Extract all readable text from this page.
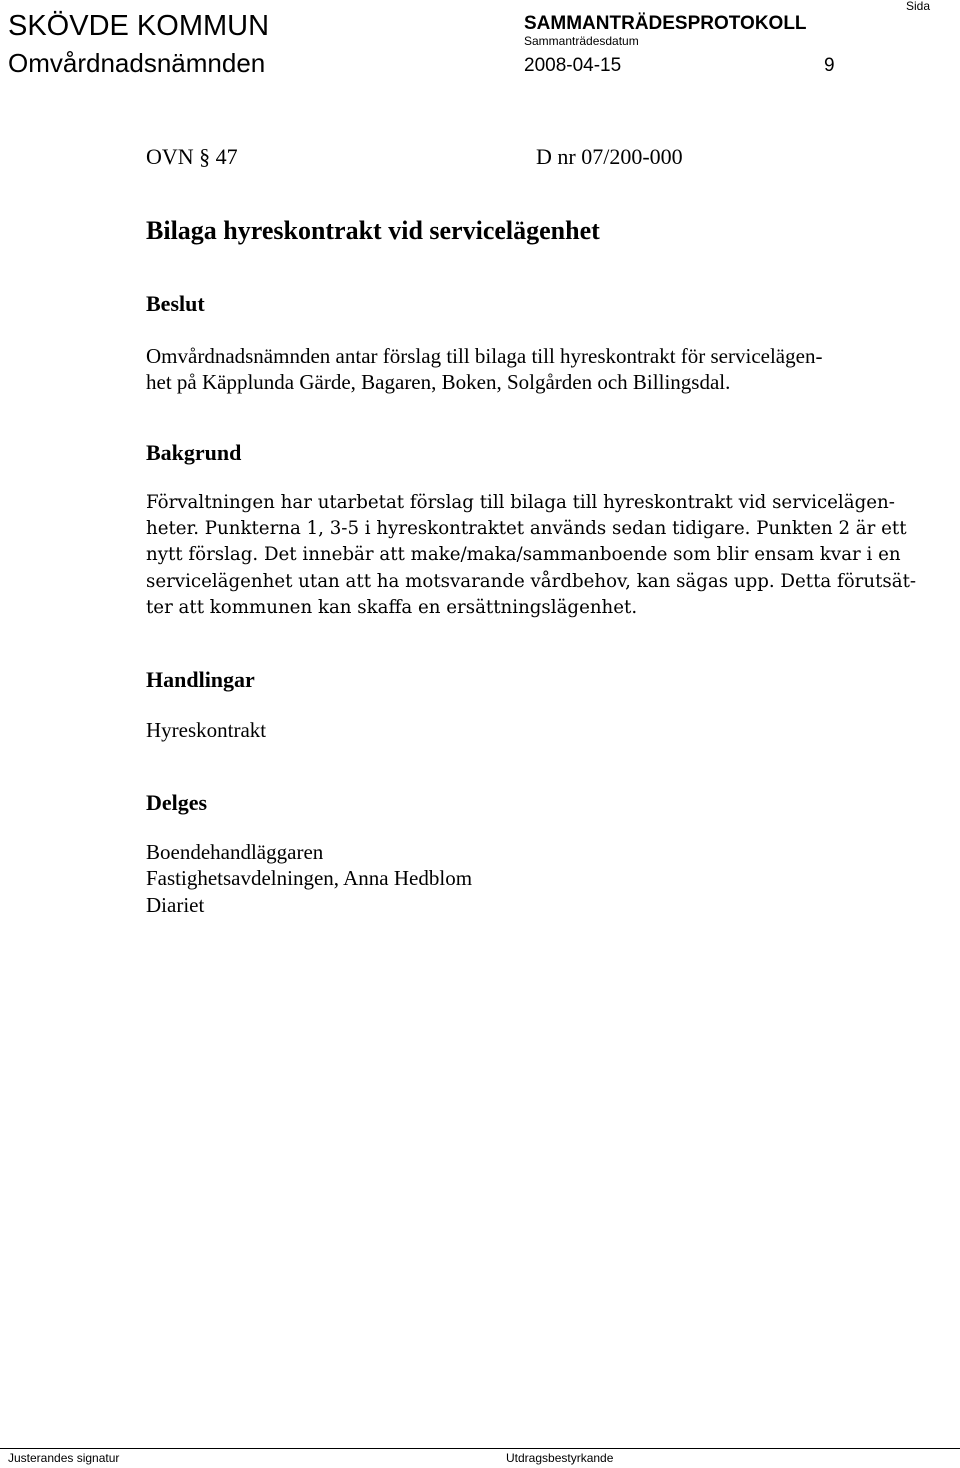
SKÖVDE KOMMUN
Omvårdnadsnämnden
SAMMANTRÄDESPROTOKOLL
Sammanträdesdatum
2008-04-15
Sida
9
OVN § 47	D nr 07/200-000
Bilaga hyreskontrakt vid servicelägenhet
Beslut
Omvårdnadsnämnden antar förslag till bilaga till hyreskontrakt för servicelägen-
het på Käpplunda Gärde, Bagaren, Boken, Solgården och Billingsdal.
Bakgrund
Förvaltningen har utarbetat förslag till bilaga till hyreskontrakt vid servicelägen-
heter. Punkterna 1, 3-5 i hyreskontraktet används sedan tidigare. Punkten 2 är ett
nytt förslag. Det innebär att make/maka/sammanboende som blir ensam kvar i en
servicelägenhet utan att ha motsvarande vårdbehov, kan sägas upp. Detta förutsät-
ter att kommunen kan skaffa en ersättningslägenhet.
Handlingar
Hyreskontrakt
Delges
Boendehandläggaren
Fastighetsavdelningen, Anna Hedblom
Diariet
Justerandes signatur	Utdragsbestyrkande
